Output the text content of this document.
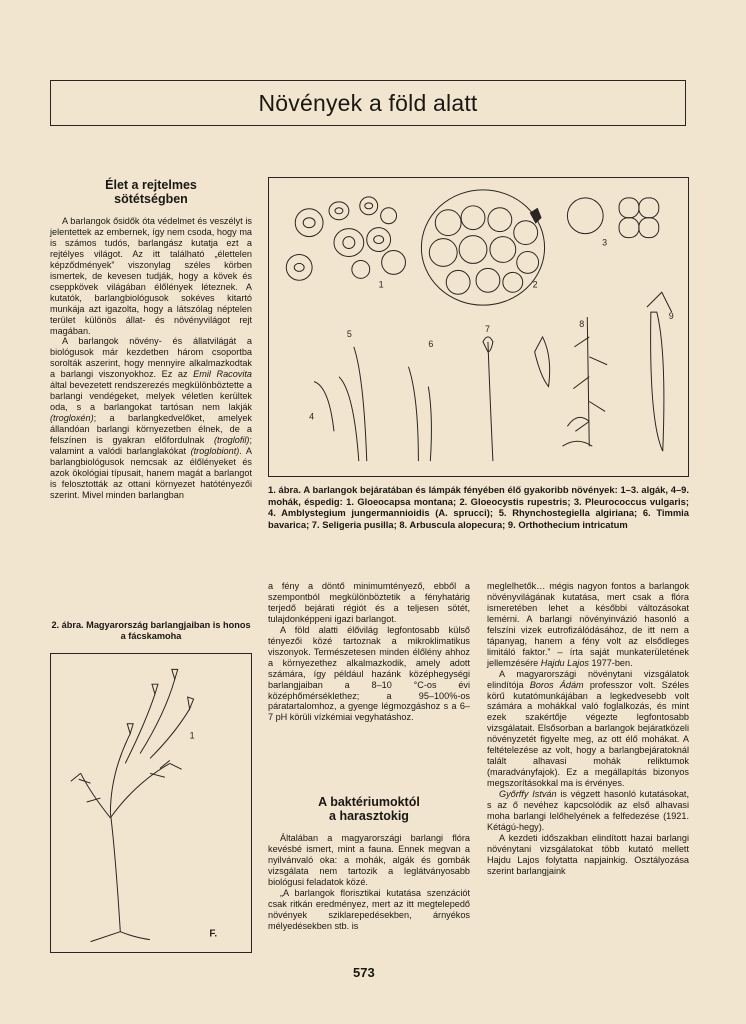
Növények a föld alatt
Élet a rejtelmes
sötétségben

A barlangok ősidők óta védelmet és veszélyt is jelentettek az embernek, így nem csoda, hogy ma is számos tudós, barlangász kutatja ezt a rejtélyes világot. Az itt található „élettelen képződmények” viszonylag széles körben ismertek, de kevesen tudják, hogy a kövek és cseppkövek világában élőlények léteznek. A kutatók, barlangbiológusok sokéves kitartó munkája azt igazolta, hogy a látszólag néptelen terület különös állat- és növényvilágot rejt magában.

A barlangok növény- és állatvilágát a biológusok már kezdetben három csoportba sorolták aszerint, hogy mennyire alkalmazkodtak a barlangi viszonyokhoz. Ez az Emil Racovita által bevezetett rendszerezés megkülönböztette a barlangi vendégeket, melyek véletlen kerültek oda, s a barlangokat tartósan nem lakják (trogloxén); a barlangkedvelőket, amelyek állandóan barlangi környezetben élnek, de a felszínen is gyakran előfordulnak (troglofil); valamint a valódi barlanglakókat (troglobiont). A barlangbiológusok nemcsak az élőlényeket és azok ökológiai típusait, hanem magát a barlangot is felosztották az ottani környezet hatótényezői szerint. Mivel minden barlangban

1	2
3
4
5
6
7	8
9
1. ábra. A barlangok bejáratában és lámpák fényében élő gyakoribb növények: 1–3. algák, 4–9. mohák, éspedig: 1. Gloeocapsa montana; 2. Gloeocystis rupestris; 3. Pleurococcus vulgaris; 4. Amblystegium jungermannioidis (A. sprucci); 5. Rhynchostegiella algiriana; 6. Timmia bavarica; 7. Seligeria pusilla; 8. Arbuscula alopecura; 9. Orthothecium intricatum
2. ábra. Magyarország barlangjaiban is honos a fácskamoha
1
F.

a fény a döntő minimumtényező, ebből a szempontból megkülönböztetik a fényhatárig terjedő bejárati régiót és a teljesen sötét, tulajdonképpeni igazi barlangot.

A föld alatti élővilág legfontosabb külső tényezői közé tartoznak a mikroklimatikus viszonyok. Természetesen minden élőlény ahhoz a környezethez alkalmazkodik, amely adott számára, így például hazánk középhegységi barlangjaiban a 8–10 °C-os évi középhőmérséklethez; a 95–100%-os páratartalomhoz, a gyenge légmozgáshoz s a 6–7 pH körüli vízkémiai vegyhatáshoz.

A baktériumoktól
a harasztokig

Általában a magyarországi barlangi flóra kevésbé ismert, mint a fauna. Ennek megvan a nyilvánvaló oka: a mohák, algák és gombák vizsgálata nem tartozik a leglátványosabb biológusi feladatok közé.

„A barlangok florisztikai kutatása szenzációt csak ritkán eredményez, mert az itt megtelepedő növények sziklarepedésekben, árnyékos mélyedésekben stb. is

meglelhetők… mégis nagyon fontos a barlangok növényvilágának kutatása, mert csak a flóra ismeretében lehet a későbbi változásokat lemérni. A barlangi növényinvázió hasonló a felszíni vizek eutrofizálódásához, de itt nem a tápanyag, hanem a fény volt az elsődleges limitáló faktor.” – írta saját munkaterületének jellemzésére Hajdu Lajos 1977-ben.

A magyarországi növénytani vizsgálatok elindítója Boros Ádám professzor volt. Széles körű kutatómunkájában a legkedvesebb volt számára a mohákkal való foglalkozás, és mint ezek szakértője végezte legfontosabb vizsgálatait. Elsősorban a barlangok bejáratközeli növényzetét figyelte meg, az ott élő mohákat. A feltételezése az volt, hogy a barlangbejáratoknál talált alhavasi mohák reliktumok (maradványfajok). Ez a megállapítás bizonyos megszorításokkal ma is érvényes.

Győrffy István is végzett hasonló kutatásokat, s az ő nevéhez kapcsolódik az első alhavasi moha barlangi lelőhelyének a felfedezése (1921. Kétágú-hegy).

A kezdeti időszakban elindított hazai barlangi növénytani vizsgálatokat több kutató mellett Hajdu Lajos folytatta napjainkig. Osztályozása szerint barlangjaink

573
